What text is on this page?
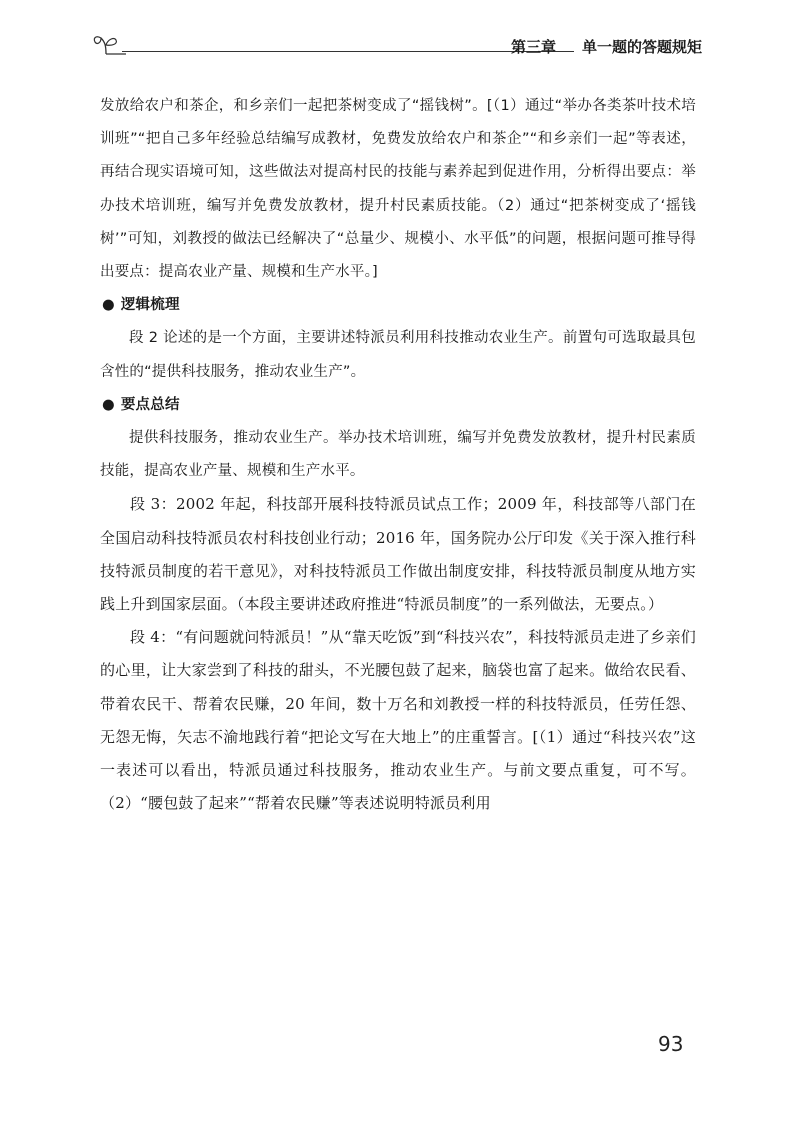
第三章 单一题的答题规矩

发放给农户和茶企，和乡亲们一起把茶树变成了“摇钱树”。[（1）通过“举办各类茶叶技术培训班”“把自己多年经验总结编写成教材，免费发放给农户和茶企”“和乡亲们一起”等表述，再结合现实语境可知，这些做法对提高村民的技能与素养起到促进作用，分析得出要点：举办技术培训班，编写并免费发放教材，提升村民素质技能。（2）通过“把茶树变成了‘摇钱树’”可知，刘教授的做法已经解决了“总量少、规模小、水平低”的问题，根据问题可推导得出要点：提高农业产量、规模和生产水平。]

● 逻辑梳理

段 2 论述的是一个方面，主要讲述特派员利用科技推动农业生产。前置句可选取最具包含性的“提供科技服务，推动农业生产”。

● 要点总结

提供科技服务，推动农业生产。举办技术培训班，编写并免费发放教材，提升村民素质技能，提高农业产量、规模和生产水平。

段 3：2002 年起，科技部开展科技特派员试点工作；2009 年，科技部等八部门在全国启动科技特派员农村科技创业行动；2016 年，国务院办公厅印发《关于深入推行科技特派员制度的若干意见》，对科技特派员工作做出制度安排，科技特派员制度从地方实践上升到国家层面。（本段主要讲述政府推进“特派员制度”的一系列做法，无要点。）

段 4：“有问题就问特派员！”从“靠天吃饭”到“科技兴农”，科技特派员走进了乡亲们的心里，让大家尝到了科技的甜头，不光腰包鼓了起来，脑袋也富了起来。做给农民看、带着农民干、帮着农民赚，20 年间，数十万名和刘教授一样的科技特派员，任劳任怨、无怨无悔，矢志不渝地践行着“把论文写在大地上”的庄重誓言。[（1）通过“科技兴农”这一表述可以看出，特派员通过科技服务，推动农业生产。与前文要点重复，可不写。（2）“腰包鼓了起来”“帮着农民赚”等表述说明特派员利用

93
